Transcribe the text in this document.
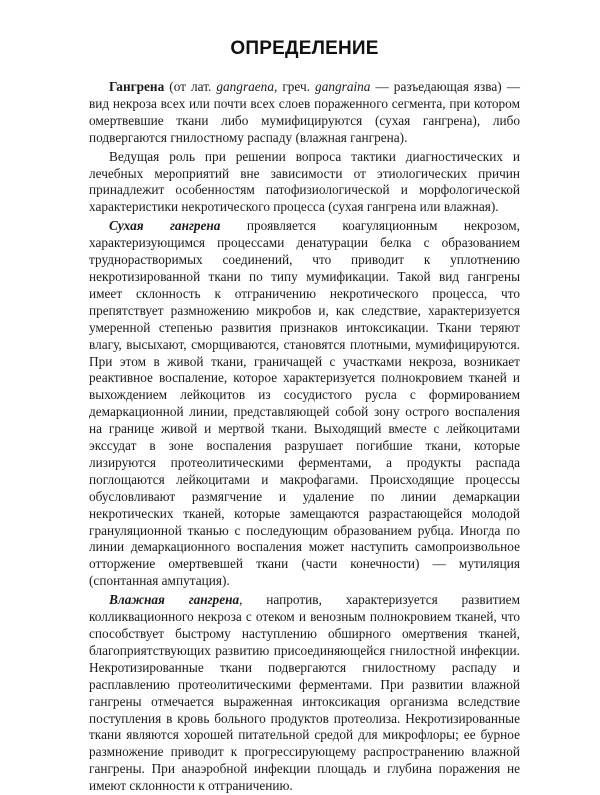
ОПРЕДЕЛЕНИЕ

Гангрена (от лат. gangraena, греч. gangraina — разъедающая язва) — вид некроза всех или почти всех слоев пораженного сегмента, при котором омертвевшие ткани либо мумифицируются (сухая гангрена), либо подвергаются гнилостному распаду (влажная гангрена).

Ведущая роль при решении вопроса тактики диагностических и лечебных мероприятий вне зависимости от этиологических причин принадлежит особенностям патофизиологической и морфологической характеристики некротического процесса (сухая гангрена или влажная).

Сухая гангрена проявляется коагуляционным некрозом, характеризующимся процессами денатурации белка с образованием труднорастворимых соединений, что приводит к уплотнению некротизированной ткани по типу мумификации. Такой вид гангрены имеет склонность к отграничению некротического процесса, что препятствует размножению микробов и, как следствие, характеризуется умеренной степенью развития признаков интоксикации. Ткани теряют влагу, высыхают, сморщиваются, становятся плотными, мумифицируются. При этом в живой ткани, граничащей с участками некроза, возникает реактивное воспаление, которое характеризуется полнокровием тканей и выхождением лейкоцитов из сосудистого русла с формированием демаркационной линии, представляющей собой зону острого воспаления на границе живой и мертвой ткани. Выходящий вместе с лейкоцитами экссудат в зоне воспаления разрушает погибшие ткани, которые лизируются протеолитическими ферментами, а продукты распада поглощаются лейкоцитами и макрофагами. Происходящие процессы обусловливают размягчение и удаление по линии демаркации некротических тканей, которые замещаются разрастающейся молодой грануляционной тканью с последующим образованием рубца. Иногда по линии демаркационного воспаления может наступить самопроизвольное отторжение омертвевшей ткани (части конечности) — мутиляция (спонтанная ампутация).

Влажная гангрена, напротив, характеризуется развитием колликвационного некроза с отеком и венозным полнокровием тканей, что способствует быстрому наступлению обширного омертвения тканей, благоприятствующих развитию присоединяющейся гнилостной инфекции. Некротизированные ткани подвергаются гнилостному распаду и расплавлению протеолитическими ферментами. При развитии влажной гангрены отмечается выраженная интоксикация организма вследствие поступления в кровь больного продуктов протеолиза. Некротизированные ткани являются хорошей питательной средой для микрофлоры; ее бурное размножение приводит к прогрессирующему распространению влажной гангрены. При анаэробной инфекции площадь и глубина поражения не имеют склонности к отграничению.
